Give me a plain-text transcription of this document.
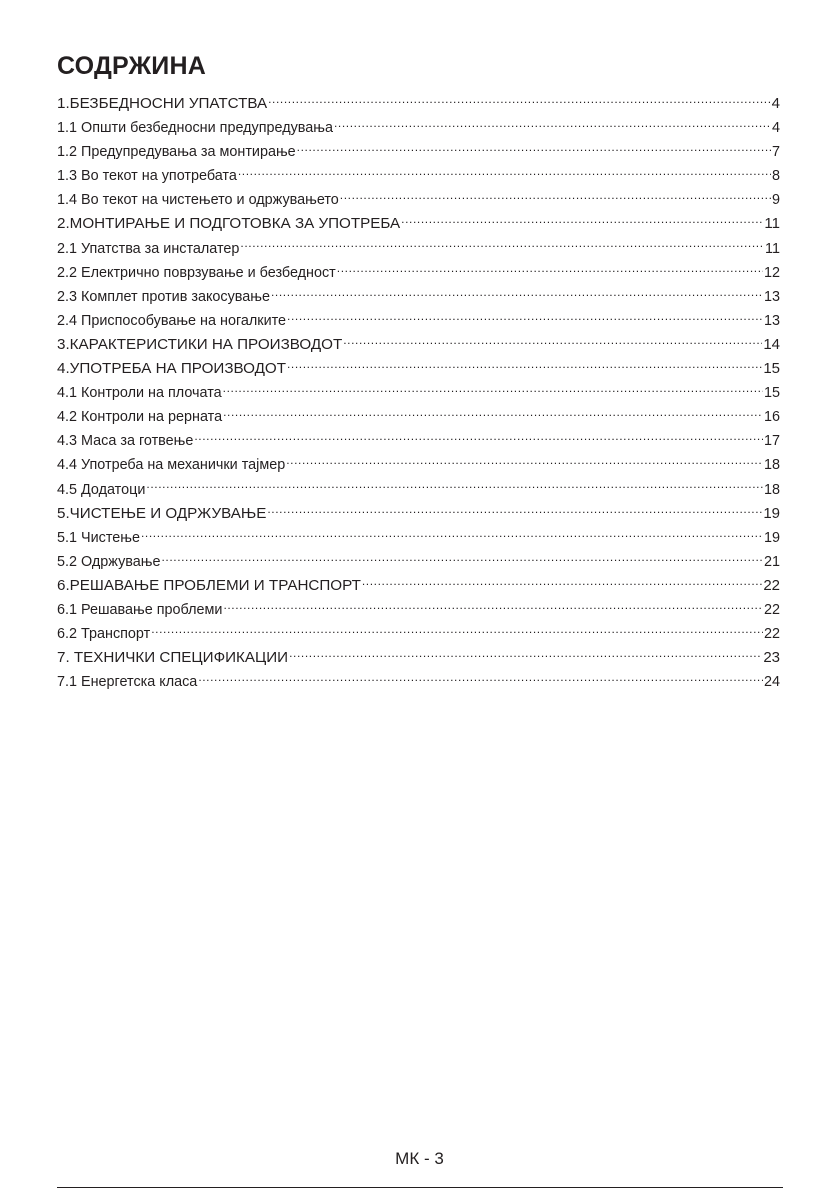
СОДРЖИНА
1.БЕЗБЕДНОСНИ УПАТСТВА .....	4
1.1 Општи безбедносни предупредувања .....	4
1.2 Предупредувања за монтирање .....	7
1.3 Во текот на употребата .....	8
1.4 Во текот на чистењето и одржувањето .....	9
2.МОНТИРАЊЕ И ПОДГОТОВКА ЗА УПОТРЕБА .....	11
2.1 Упатства за инсталатер .....	11
2.2 Електрично поврзување и безбедност .....	12
2.3 Комплет против закосување .....	13
2.4 Приспособување на ногалките .....	13
3.КАРАКТЕРИСТИКИ НА ПРОИЗВОДОТ .....	14
4.УПОТРЕБА НА ПРОИЗВОДОТ .....	15
4.1 Контроли на плочата .....	15
4.2 Контроли на рерната .....	16
4.3 Маса за готвење .....	17
4.4 Употреба на механички тајмер .....	18
4.5 Додатоци .....	18
5.ЧИСТЕЊЕ И ОДРЖУВАЊЕ .....	19
5.1 Чистење .....	19
5.2 Одржување .....	21
6.РЕШАВАЊЕ ПРОБЛЕМИ И ТРАНСПОРТ .....	22
6.1 Решавање проблеми .....	22
6.2 Транспорт .....	22
7. ТЕХНИЧКИ СПЕЦИФИКАЦИИ .....	23
7.1 Енергетска класа .....	24
МК - 3
